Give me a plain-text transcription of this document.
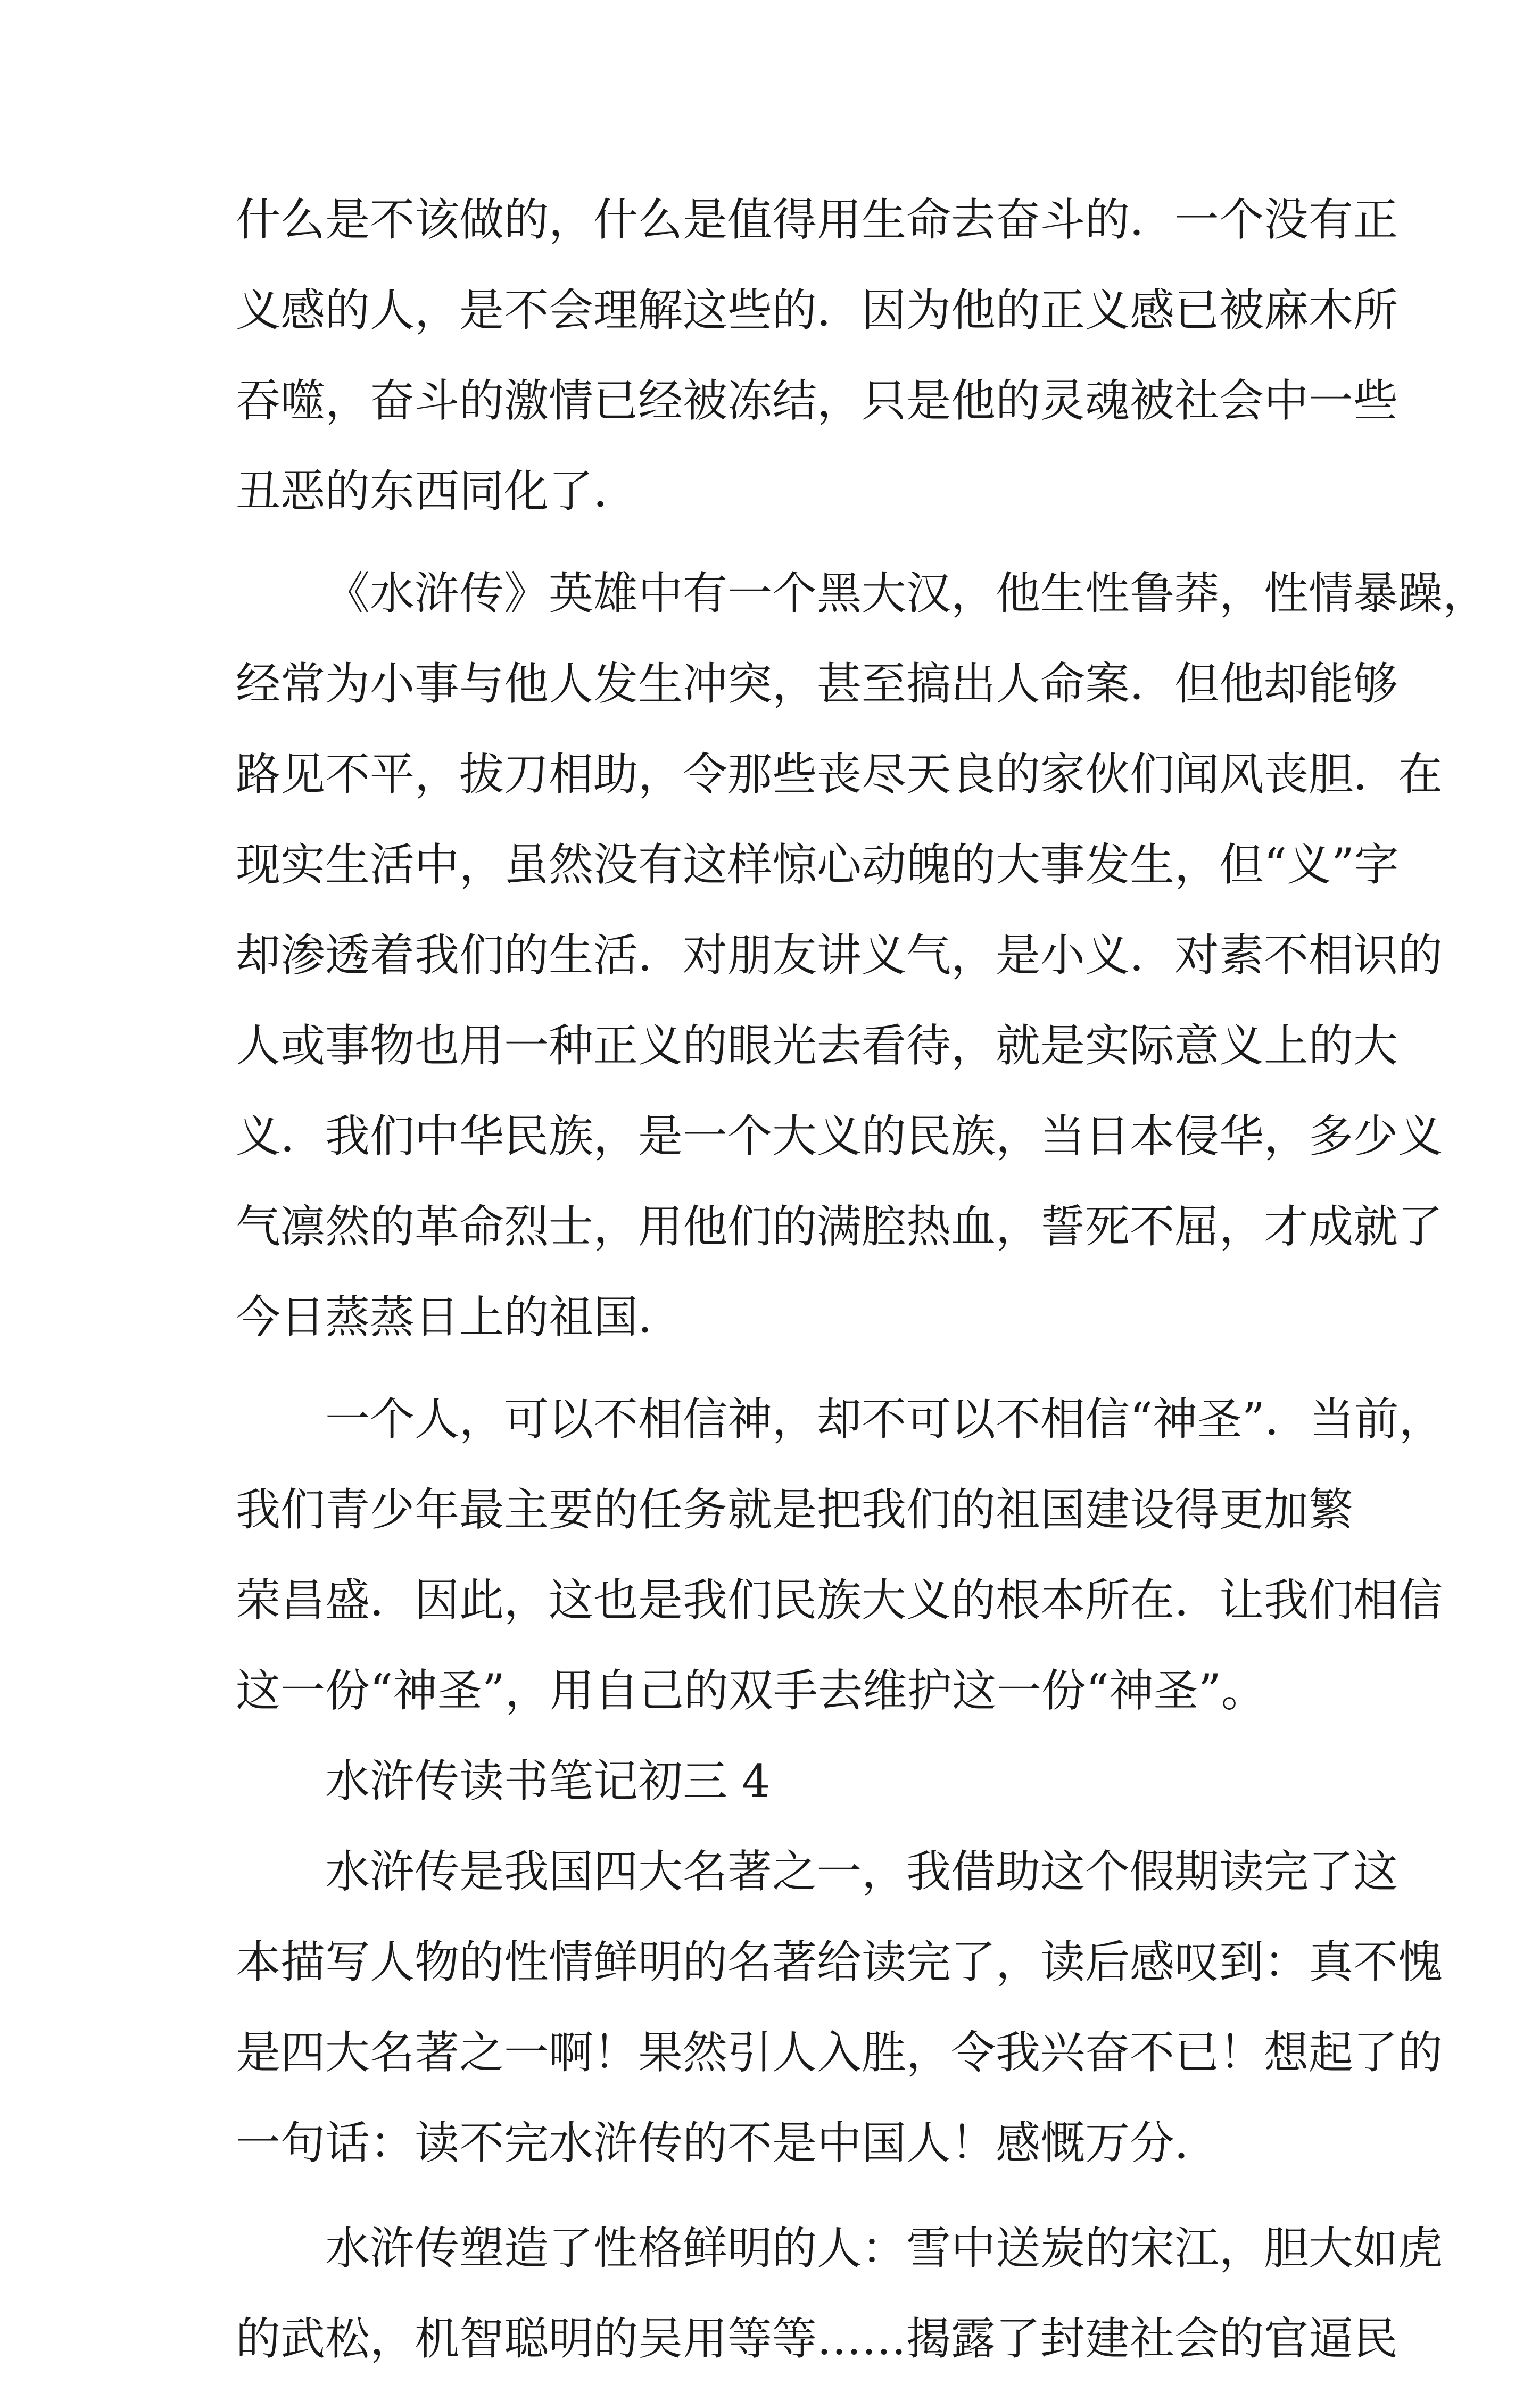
什么是不该做的，什么是值得用生命去奋斗的．一个没有正
义感的人，是不会理解这些的．因为他的正义感已被麻木所
吞噬，奋斗的激情已经被冻结，只是他的灵魂被社会中一些
丑恶的东西同化了．
《水浒传》英雄中有一个黑大汉，他生性鲁莽，性情暴躁，
经常为小事与他人发生冲突，甚至搞出人命案．但他却能够
路见不平，拔刀相助，令那些丧尽天良的家伙们闻风丧胆．在
现实生活中，虽然没有这样惊心动魄的大事发生，但“义”字
却渗透着我们的生活．对朋友讲义气，是小义．对素不相识的
人或事物也用一种正义的眼光去看待，就是实际意义上的大
义．我们中华民族，是一个大义的民族，当日本侵华，多少义
气凛然的革命烈士，用他们的满腔热血，誓死不屈，才成就了
今日蒸蒸日上的祖国．
一个人，可以不相信神，却不可以不相信“神圣”．当前，
我们青少年最主要的任务就是把我们的祖国建设得更加繁
荣昌盛．因此，这也是我们民族大义的根本所在．让我们相信
这一份“神圣”，用自己的双手去维护这一份“神圣”。
水浒传读书笔记初三 4
水浒传是我国四大名著之一，我借助这个假期读完了这
本描写人物的性情鲜明的名著给读完了，读后感叹到：真不愧
是四大名著之一啊！果然引人入胜，令我兴奋不已！想起了的
一句话：读不完水浒传的不是中国人！感慨万分．
水浒传塑造了性格鲜明的人：雪中送炭的宋江，胆大如虎
的武松，机智聪明的吴用等等……揭露了封建社会的官逼民
